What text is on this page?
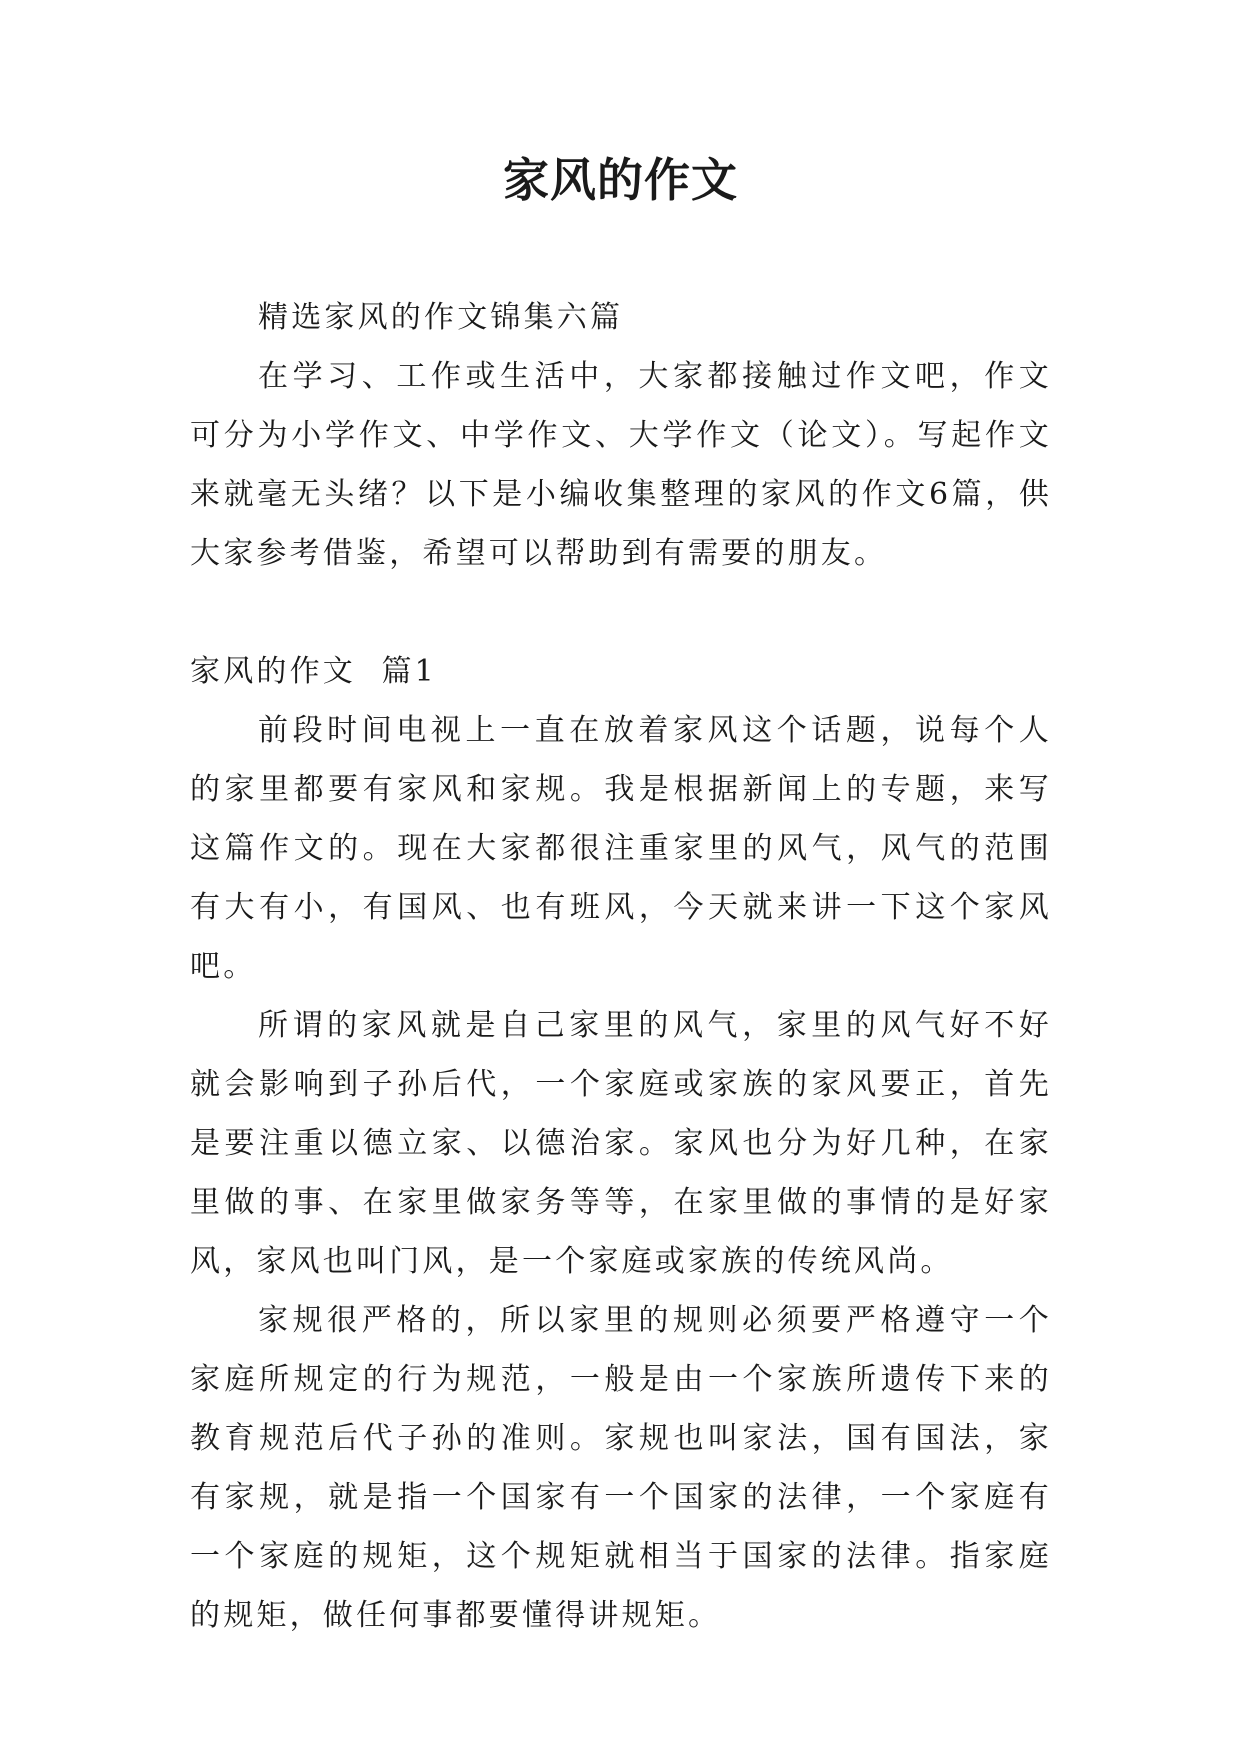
家风的作文

精选家风的作文锦集六篇

在学习、工作或生活中，大家都接触过作文吧，作文可分为小学作文、中学作文、大学作文（论文）。写起作文来就毫无头绪？以下是小编收集整理的家风的作文6篇，供大家参考借鉴，希望可以帮助到有需要的朋友。

家风的作文  篇1

前段时间电视上一直在放着家风这个话题，说每个人的家里都要有家风和家规。我是根据新闻上的专题，来写这篇作文的。现在大家都很注重家里的风气，风气的范围有大有小，有国风、也有班风，今天就来讲一下这个家风吧。

所谓的家风就是自己家里的风气，家里的风气好不好就会影响到子孙后代，一个家庭或家族的家风要正，首先是要注重以德立家、以德治家。家风也分为好几种，在家里做的事、在家里做家务等等，在家里做的事情的是好家风，家风也叫门风，是一个家庭或家族的传统风尚。

家规很严格的，所以家里的规则必须要严格遵守一个家庭所规定的行为规范，一般是由一个家族所遗传下来的教育规范后代子孙的准则。家规也叫家法，国有国法，家有家规，就是指一个国家有一个国家的法律，一个家庭有一个家庭的规矩，这个规矩就相当于国家的法律。指家庭的规矩，做任何事都要懂得讲规矩。
